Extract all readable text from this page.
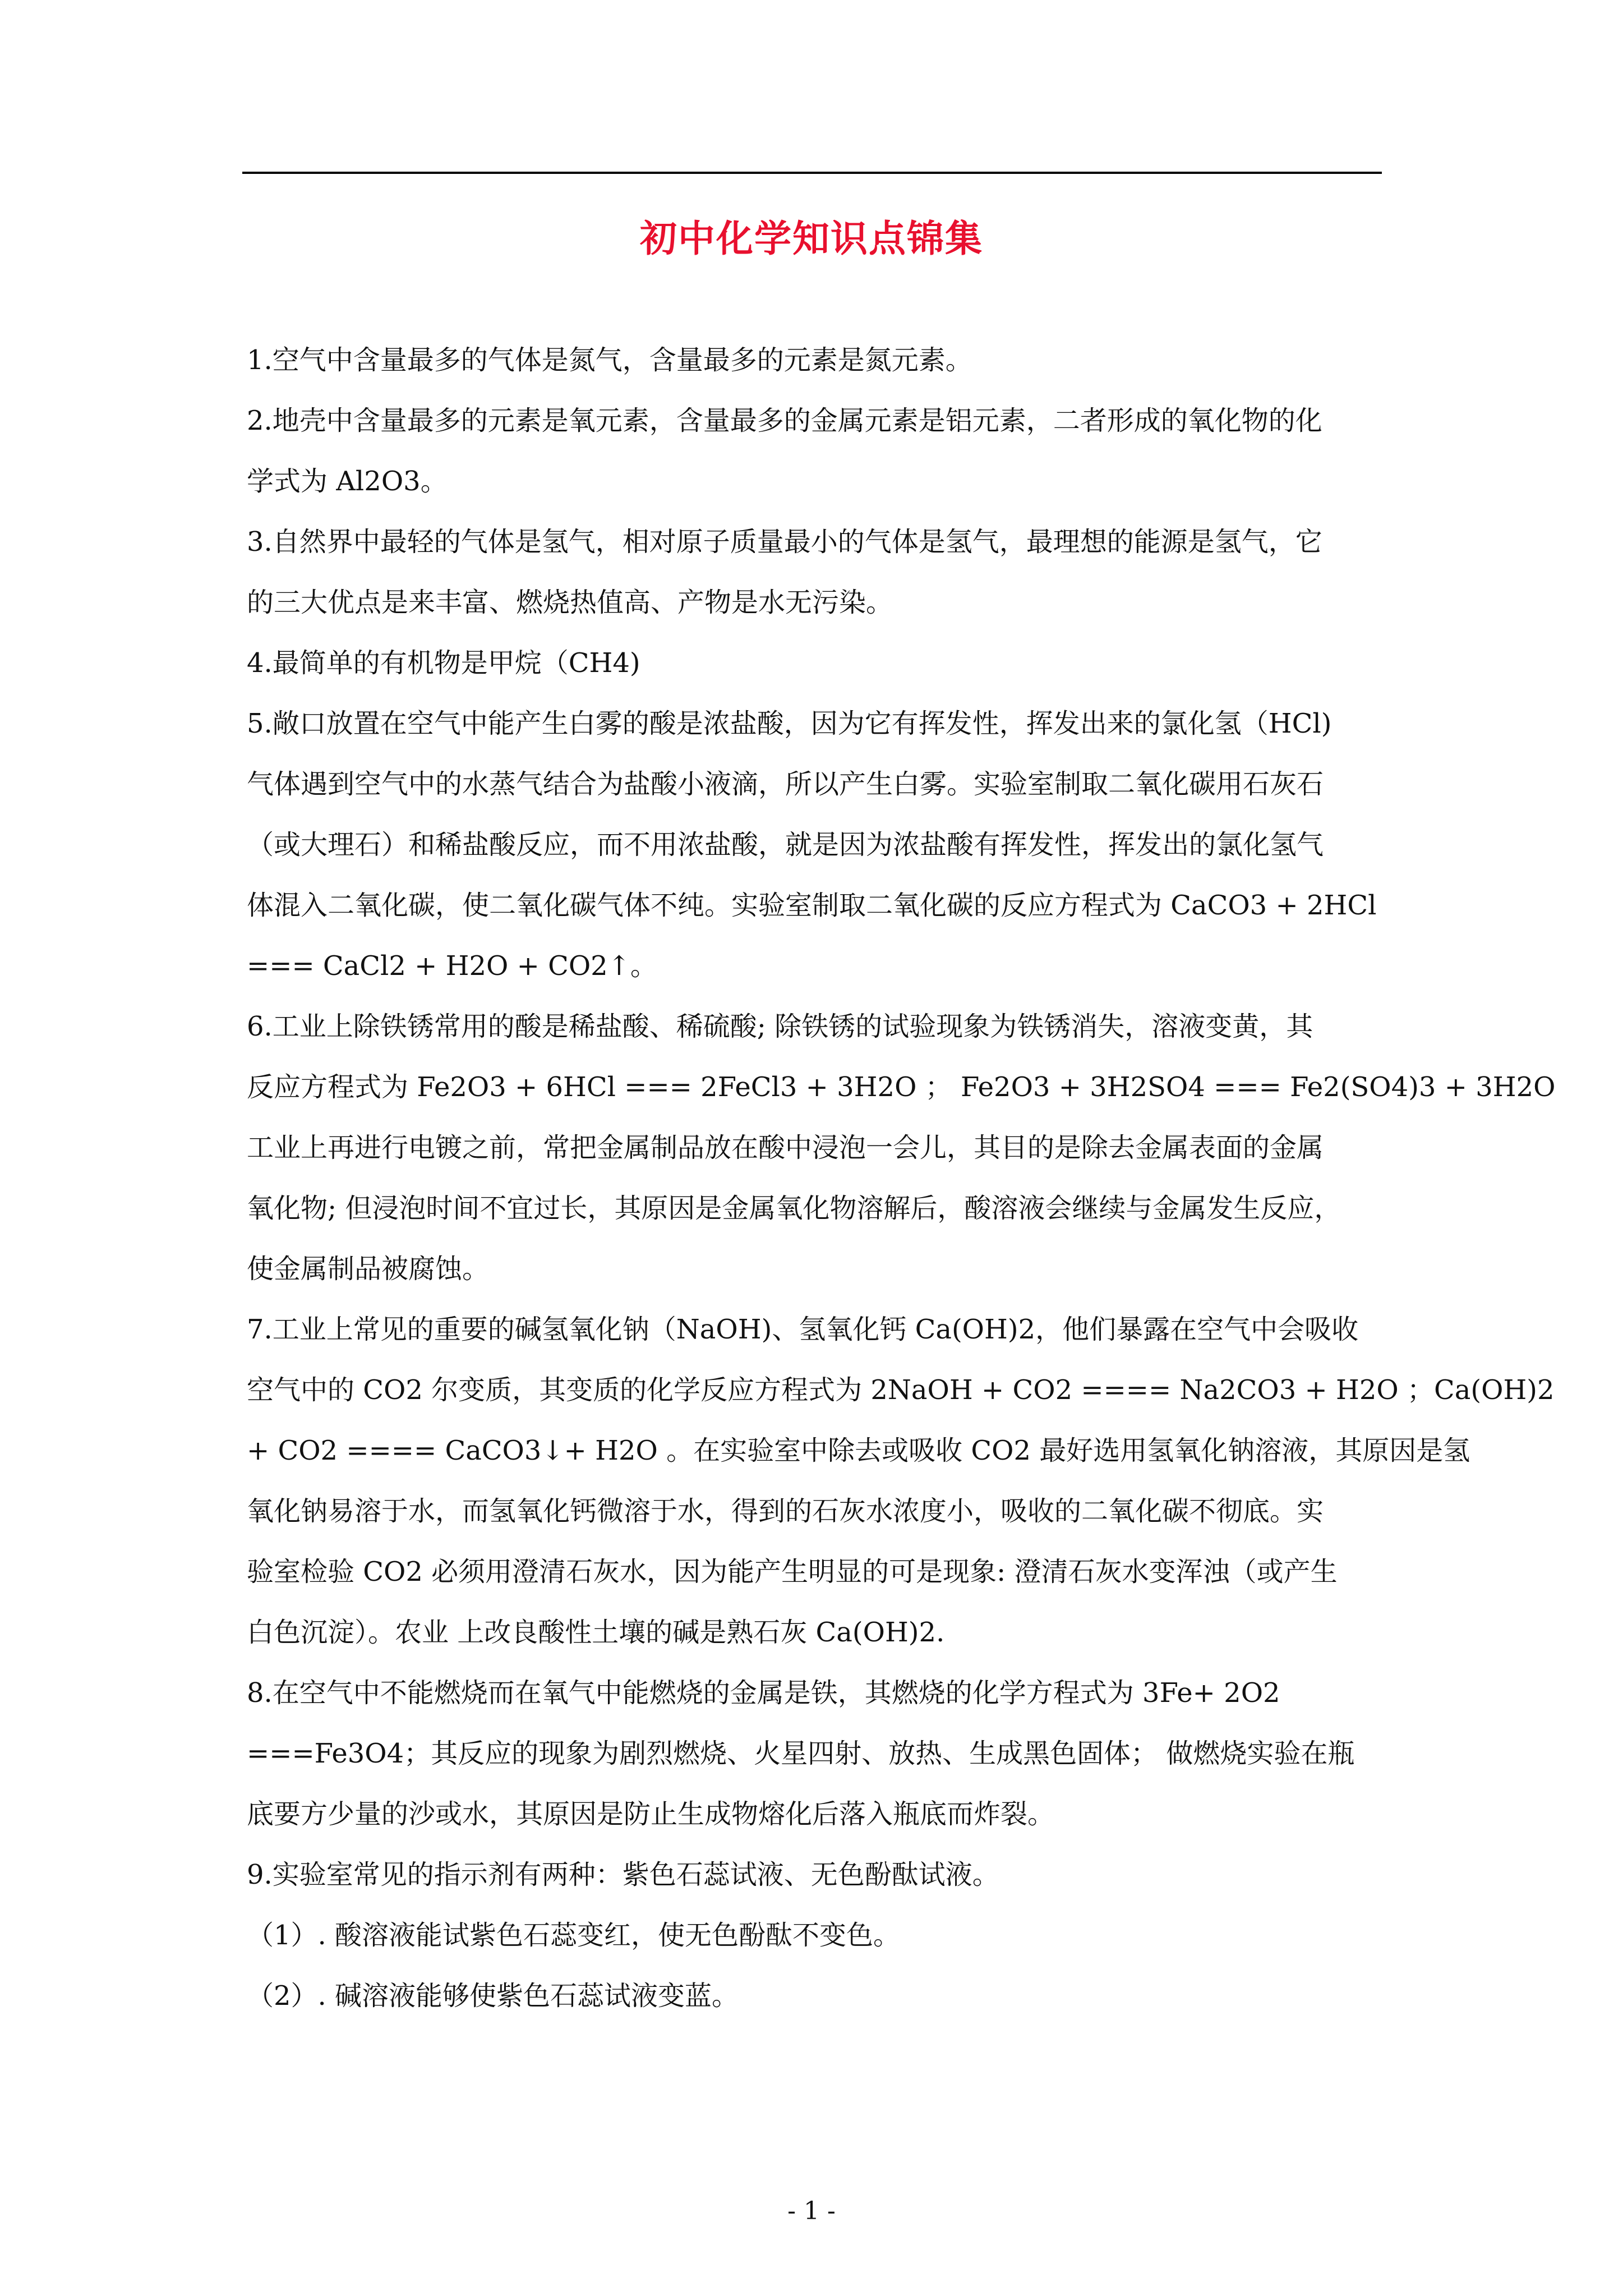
初中化学知识点锦集
1.空气中含量最多的气体是氮气，含量最多的元素是氮元素。
2.地壳中含量最多的元素是氧元素，含量最多的金属元素是铝元素，二者形成的氧化物的化
学式为 Al2O3。
3.自然界中最轻的气体是氢气，相对原子质量最小的气体是氢气，最理想的能源是氢气，它
的三大优点是来丰富、燃烧热值高、产物是水无污染。
4.最简单的有机物是甲烷（CH4)
5.敞口放置在空气中能产生白雾的酸是浓盐酸，因为它有挥发性，挥发出来的氯化氢（HCl)
气体遇到空气中的水蒸气结合为盐酸小液滴，所以产生白雾。实验室制取二氧化碳用石灰石
（或大理石）和稀盐酸反应，而不用浓盐酸，就是因为浓盐酸有挥发性，挥发出的氯化氢气
体混入二氧化碳，使二氧化碳气体不纯。实验室制取二氧化碳的反应方程式为 CaCO3 + 2HCl
=== CaCl2 + H2O + CO2↑。
6.工业上除铁锈常用的酸是稀盐酸、稀硫酸; 除铁锈的试验现象为铁锈消失，溶液变黄，其
反应方程式为 Fe2O3 + 6HCl === 2FeCl3 + 3H2O ； Fe2O3 + 3H2SO4 === Fe2(SO4)3 + 3H2O
工业上再进行电镀之前，常把金属制品放在酸中浸泡一会儿，其目的是除去金属表面的金属
氧化物; 但浸泡时间不宜过长，其原因是金属氧化物溶解后，酸溶液会继续与金属发生反应，
使金属制品被腐蚀。
7.工业上常见的重要的碱氢氧化钠（NaOH)、氢氧化钙 Ca(OH)2，他们暴露在空气中会吸收
空气中的 CO2 尔变质，其变质的化学反应方程式为 2NaOH + CO2 ==== Na2CO3 + H2O ；Ca(OH)2
+ CO2 ==== CaCO3↓+ H2O 。在实验室中除去或吸收 CO2 最好选用氢氧化钠溶液，其原因是氢
氧化钠易溶于水，而氢氧化钙微溶于水，得到的石灰水浓度小，吸收的二氧化碳不彻底。实
验室检验 CO2 必须用澄清石灰水，因为能产生明显的可是现象: 澄清石灰水变浑浊（或产生
白色沉淀）。农业 上改良酸性土壤的碱是熟石灰 Ca(OH)2.
8.在空气中不能燃烧而在氧气中能燃烧的金属是铁，其燃烧的化学方程式为 3Fe+ 2O2
===Fe3O4；其反应的现象为剧烈燃烧、火星四射、放热、生成黑色固体； 做燃烧实验在瓶
底要方少量的沙或水，其原因是防止生成物熔化后落入瓶底而炸裂。
9.实验室常见的指示剂有两种：紫色石蕊试液、无色酚酞试液。
（1）. 酸溶液能试紫色石蕊变红，使无色酚酞不变色。
（2）. 碱溶液能够使紫色石蕊试液变蓝。
- 1 -
